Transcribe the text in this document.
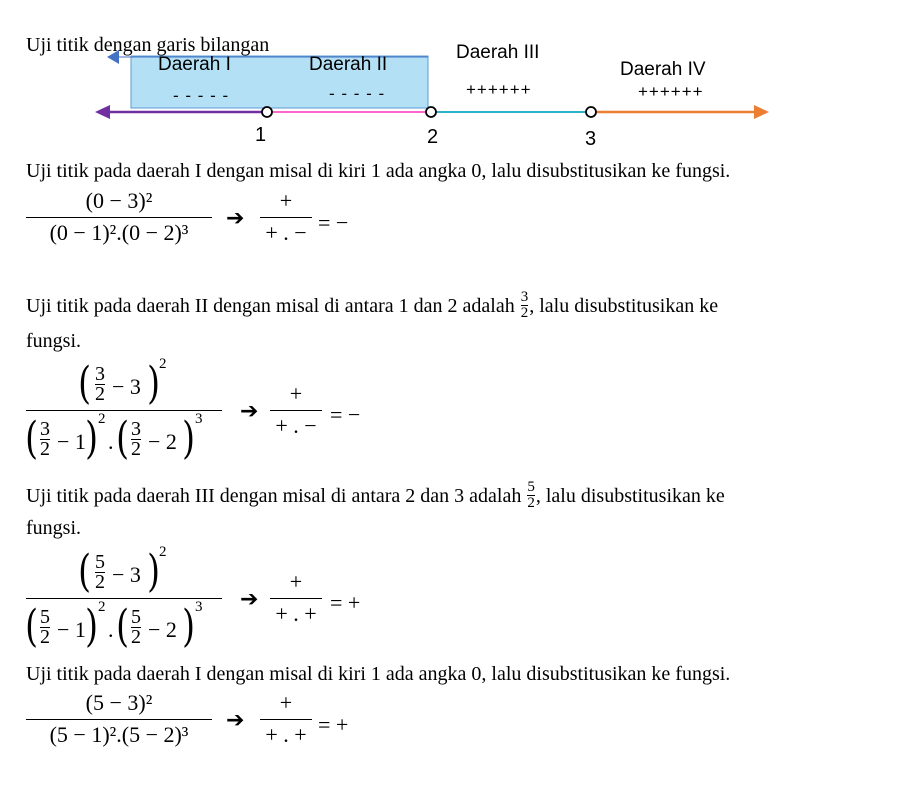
Uji titik dengan garis bilangan
Daerah I
- - - - -
Daerah II
- - - - -
Daerah III
++++++
Daerah IV
++++++
1	2	3
Uji titik pada daerah I dengan misal di kiri 1 ada angka 0, lalu disubstitusikan ke fungsi.
(0 − 3)²
(0 − 1)².(0 − 2)³
➔
+
+ . − = −
Uji titik pada daerah II dengan misal di antara 1 dan 2 adalah $\frac{3}{2}$ , lalu disubstitusikan ke
fungsi.
( 3
2 − 3 )
2
( 3
2 − 1 ) 2
. ( 3
2 − 2 ) 3 ➔
+
+ . − = −
Uji titik pada daerah III dengan misal di antara 2 dan 3 adalah $\frac{5}{2}$ , lalu disubstitusikan ke
fungsi.
( 5
2 − 3 )
2
( 5
2 − 1 ) 2
. ( 5
2 − 2 ) 3 ➔
+
+ . + = +
Uji titik pada daerah I dengan misal di kiri 1 ada angka 0, lalu disubstitusikan ke fungsi.
(5 − 3)²
(5 − 1)².(5 − 2)³
➔
+
+ . + = +
